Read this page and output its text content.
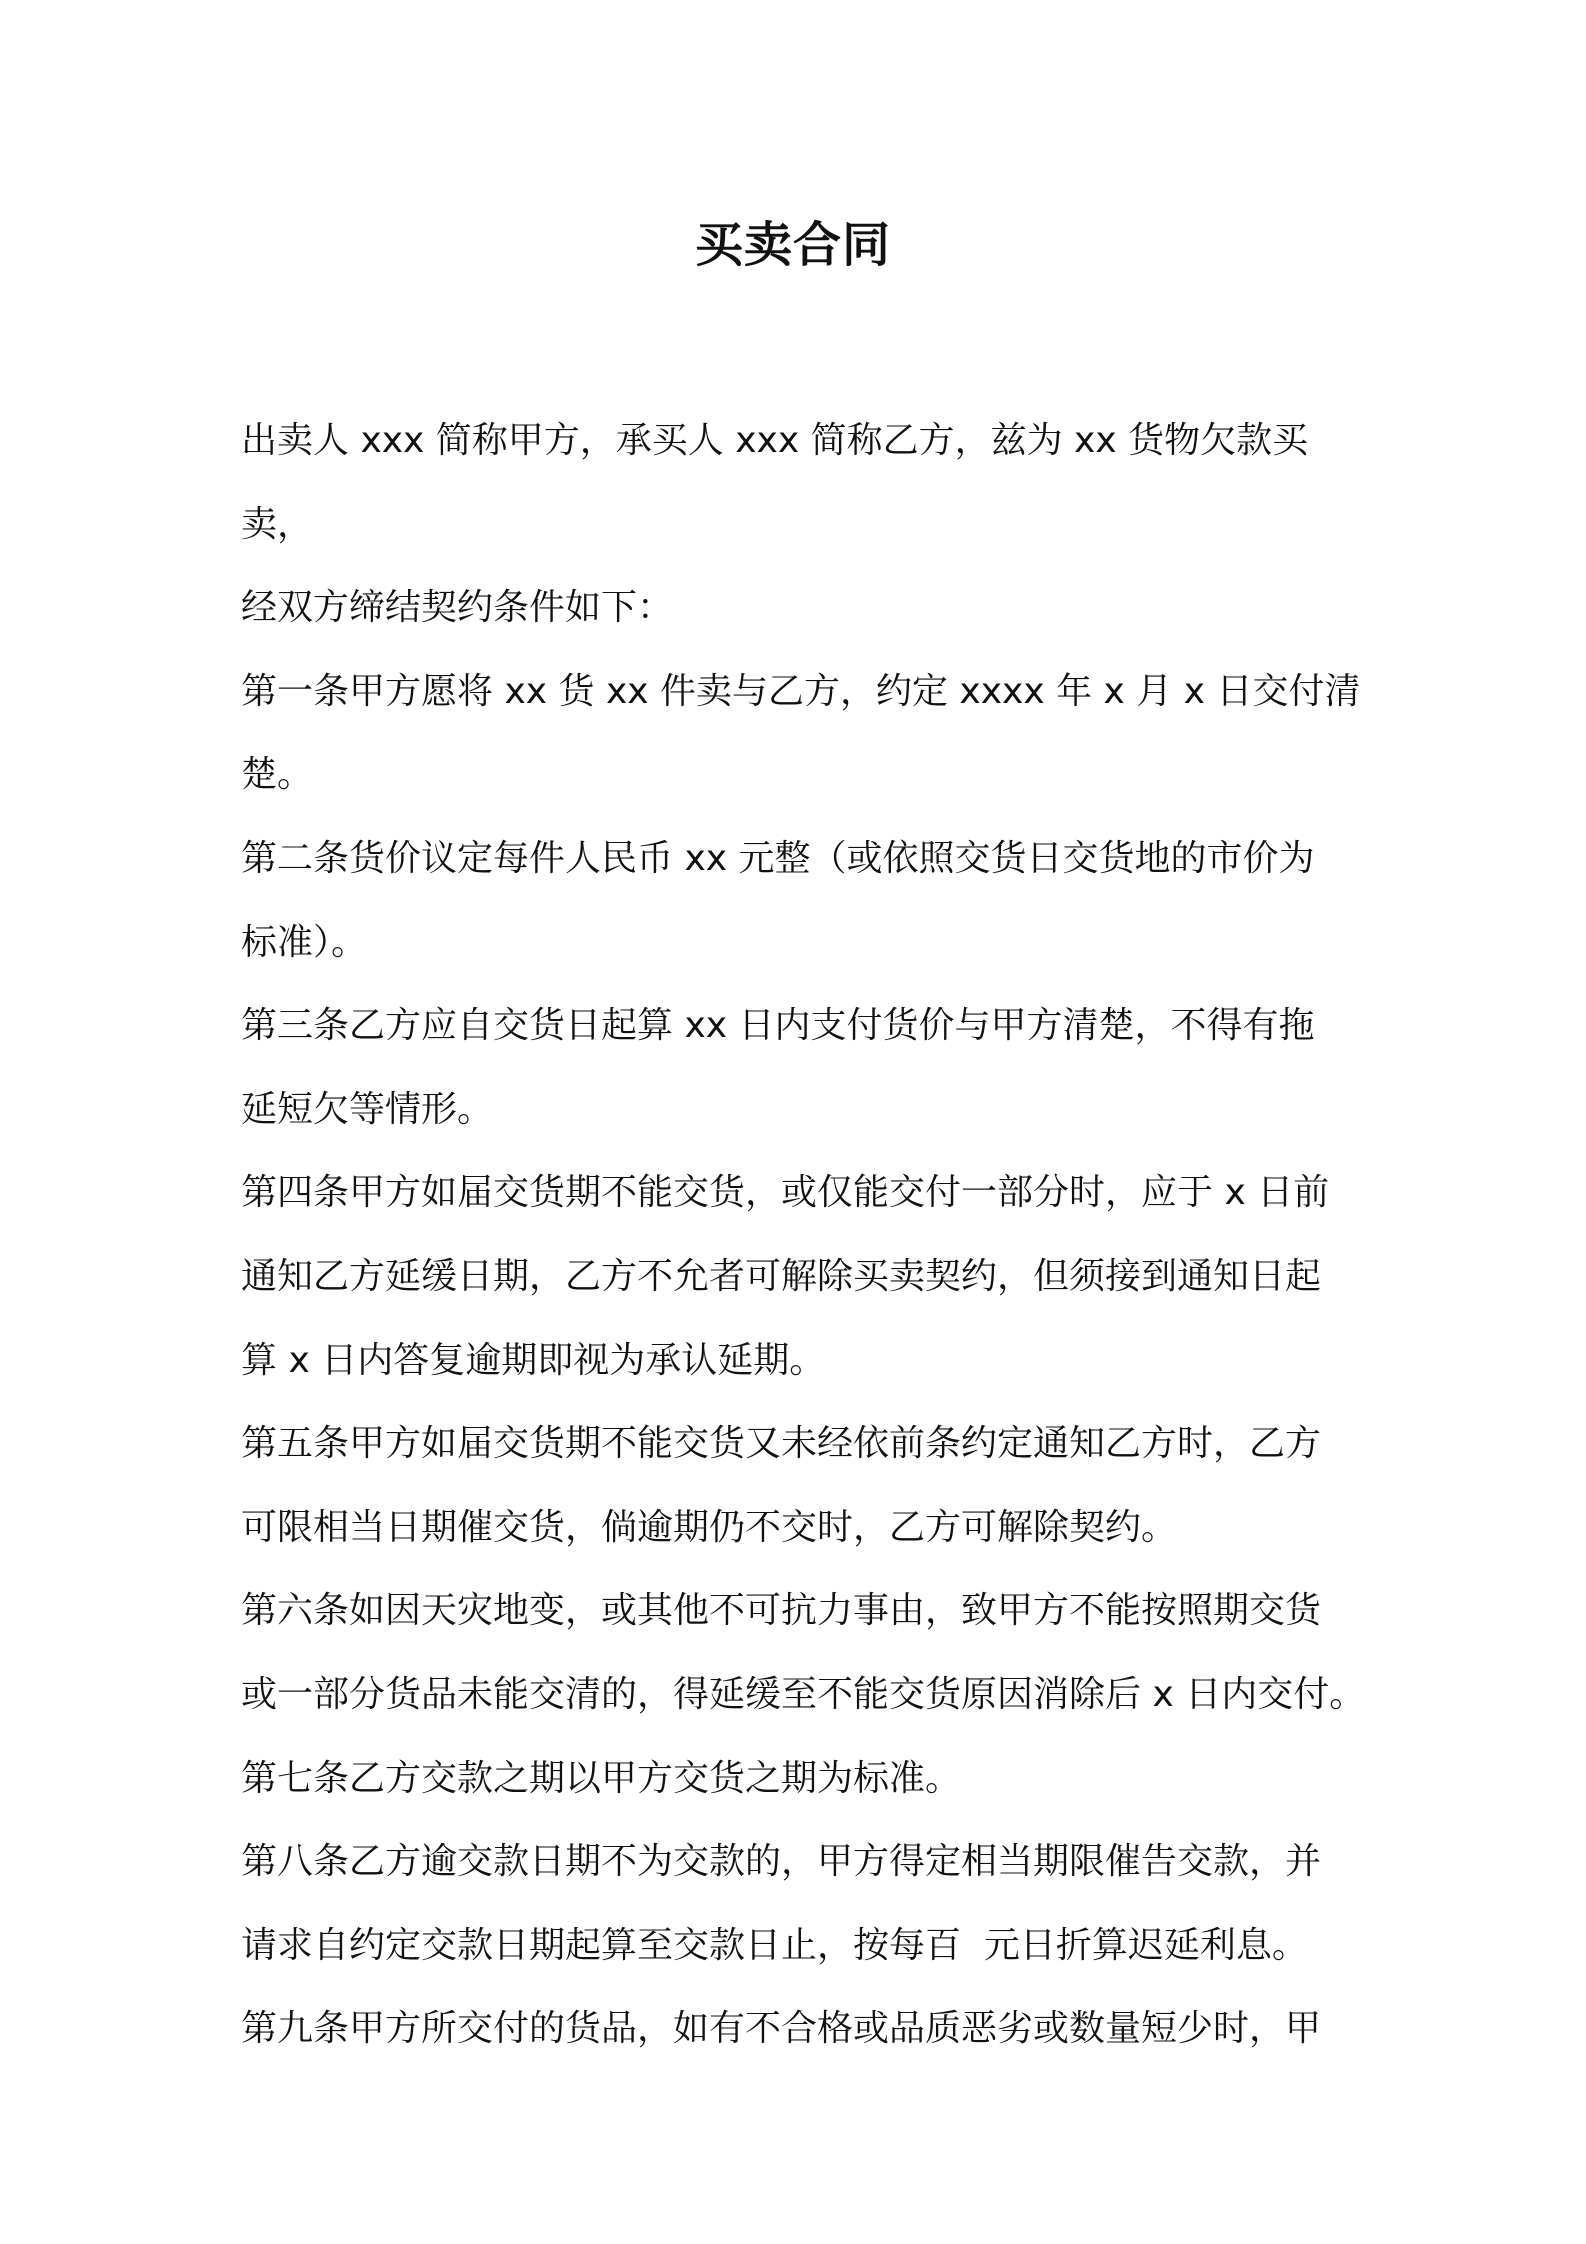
买卖合同

出卖人 xxx 简称甲方，承买人 xxx 简称乙方，兹为 xx 货物欠款买卖，

经双方缔结契约条件如下：

第一条甲方愿将 xx 货 xx 件卖与乙方，约定 xxxx 年 x 月 x 日交付清

楚。

第二条货价议定每件人民币 xx 元整（或依照交货日交货地的市价为

标准）。

第三条乙方应自交货日起算 xx 日内支付货价与甲方清楚，不得有拖

延短欠等情形。

第四条甲方如届交货期不能交货，或仅能交付一部分时，应于 x 日前

通知乙方延缓日期，乙方不允者可解除买卖契约，但须接到通知日起

算 x 日内答复逾期即视为承认延期。

第五条甲方如届交货期不能交货又未经依前条约定通知乙方时，乙方

可限相当日期催交货，倘逾期仍不交时，乙方可解除契约。

第六条如因天灾地变，或其他不可抗力事由，致甲方不能按照期交货

或一部分货品未能交清的，得延缓至不能交货原因消除后 x 日内交付。

第七条乙方交款之期以甲方交货之期为标准。

第八条乙方逾交款日期不为交款的，甲方得定相当期限催告交款，并

请求自约定交款日期起算至交款日止，按每百  元日折算迟延利息。

第九条甲方所交付的货品，如有不合格或品质恶劣或数量短少时，甲
